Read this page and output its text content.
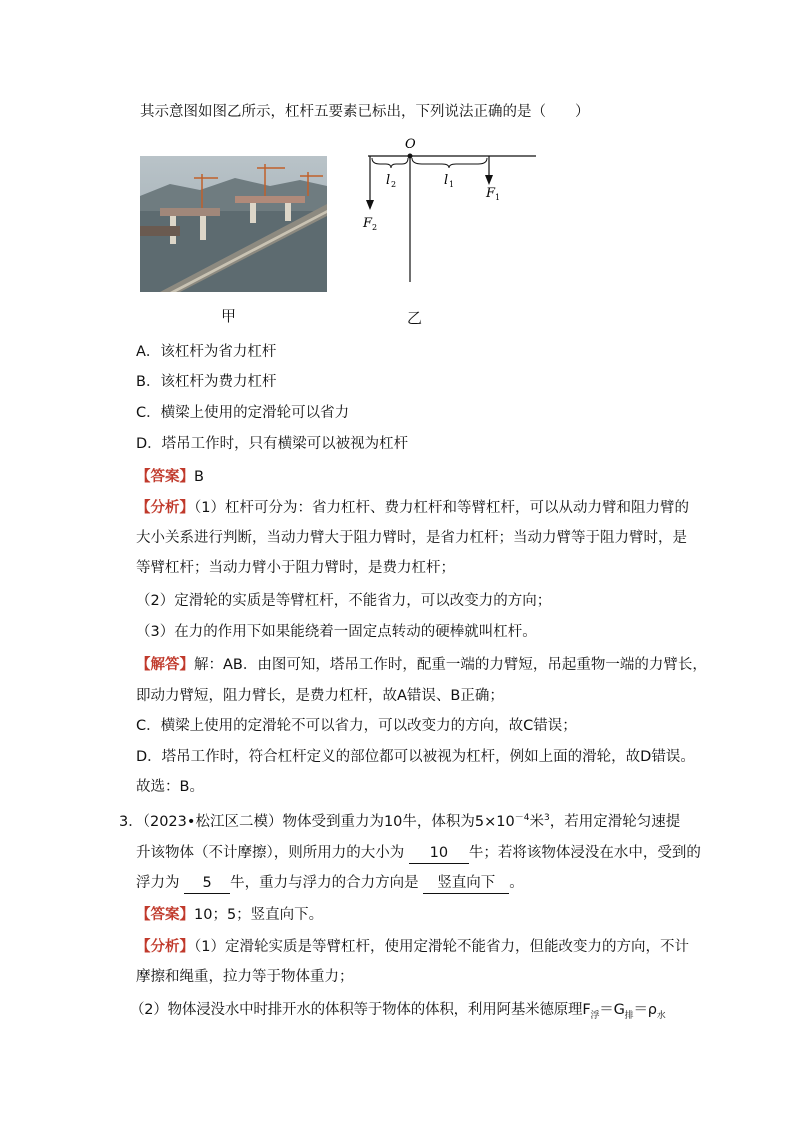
其示意图如图乙所示，杠杆五要素已标出，下列说法正确的是（　　）
甲
O
l 2	l 1
F 1
F 2
乙
A．该杠杆为省力杠杆
B．该杠杆为费力杠杆
C．横梁上使用的定滑轮可以省力
D．塔吊工作时，只有横梁可以被视为杠杆
【答案】B
【分析】（1）杠杆可分为：省力杠杆、费力杠杆和等臂杠杆，可以从动力臂和阻力臂的
大小关系进行判断，当动力臂大于阻力臂时，是省力杠杆；当动力臂等于阻力臂时，是
等臂杠杆；当动力臂小于阻力臂时，是费力杠杆；
（2）定滑轮的实质是等臂杠杆，不能省力，可以改变力的方向；
（3）在力的作用下如果能绕着一固定点转动的硬棒就叫杠杆。
【解答】解：AB．由图可知，塔吊工作时，配重一端的力臂短，吊起重物一端的力臂长，
即动力臂短，阻力臂长，是费力杠杆，故A错误、B正确；
C．横梁上使用的定滑轮不可以省力，可以改变力的方向，故C错误；
D．塔吊工作时，符合杠杆定义的部位都可以被视为杠杆，例如上面的滑轮，故D错误。
故选：B。
3．（2023•松江区二模）物体受到重力为10牛，体积为$5\times 10^{-4}$米$^3$，若用定滑轮匀速提
升该物体（不计摩擦），则所用力的大小为 10 牛；若将该物体浸没在水中，受到的
浮力为 5 牛，重力与浮力的合力方向是 竖直向下 。
【答案】10；5；竖直向下。
【分析】（1）定滑轮实质是等臂杠杆，使用定滑轮不能省力，但能改变力的方向，不计
摩擦和绳重，拉力等于物体重力；
（2）物体浸没水中时排开水的体积等于物体的体积，利用阿基米德原理$F_浮=G_排=\rho_水$
